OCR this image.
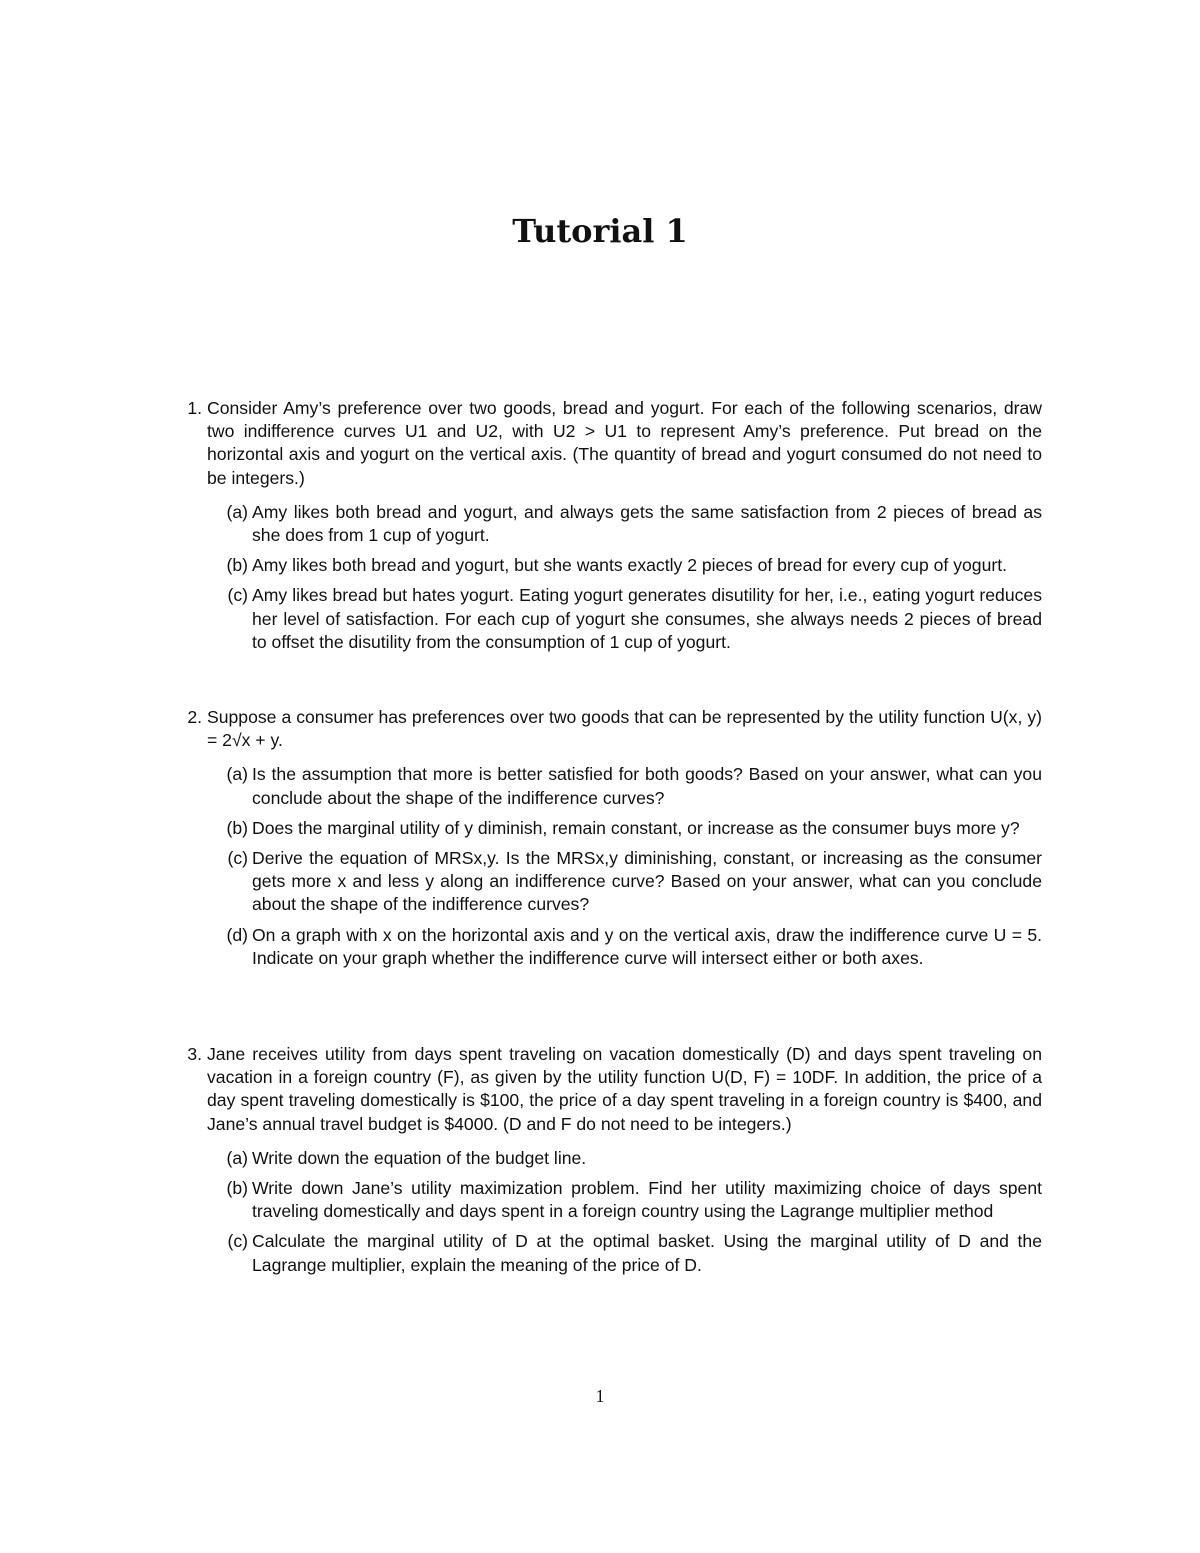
Tutorial 1
1. Consider Amy’s preference over two goods, bread and yogurt. For each of the following scenarios, draw two indifference curves U1 and U2, with U2 > U1 to represent Amy’s preference. Put bread on the horizontal axis and yogurt on the vertical axis. (The quantity of bread and yogurt consumed do not need to be integers.)
(a) Amy likes both bread and yogurt, and always gets the same satisfaction from 2 pieces of bread as she does from 1 cup of yogurt.
(b) Amy likes both bread and yogurt, but she wants exactly 2 pieces of bread for every cup of yogurt.
(c) Amy likes bread but hates yogurt. Eating yogurt generates disutility for her, i.e., eating yogurt reduces her level of satisfaction. For each cup of yogurt she consumes, she always needs 2 pieces of bread to offset the disutility from the consumption of 1 cup of yogurt.
2. Suppose a consumer has preferences over two goods that can be represented by the utility function U(x, y) = 2√x + y.
(a) Is the assumption that more is better satisfied for both goods? Based on your answer, what can you conclude about the shape of the indifference curves?
(b) Does the marginal utility of y diminish, remain constant, or increase as the consumer buys more y?
(c) Derive the equation of MRSx,y. Is the MRSx,y diminishing, constant, or increasing as the consumer gets more x and less y along an indifference curve? Based on your answer, what can you conclude about the shape of the indifference curves?
(d) On a graph with x on the horizontal axis and y on the vertical axis, draw the indifference curve U = 5. Indicate on your graph whether the indifference curve will intersect either or both axes.
3. Jane receives utility from days spent traveling on vacation domestically (D) and days spent traveling on vacation in a foreign country (F), as given by the utility function U(D, F) = 10DF. In addition, the price of a day spent traveling domestically is $100, the price of a day spent traveling in a foreign country is $400, and Jane’s annual travel budget is $4000. (D and F do not need to be integers.)
(a) Write down the equation of the budget line.
(b) Write down Jane’s utility maximization problem. Find her utility maximizing choice of days spent traveling domestically and days spent in a foreign country using the Lagrange multiplier method
(c) Calculate the marginal utility of D at the optimal basket. Using the marginal utility of D and the Lagrange multiplier, explain the meaning of the price of D.
1
